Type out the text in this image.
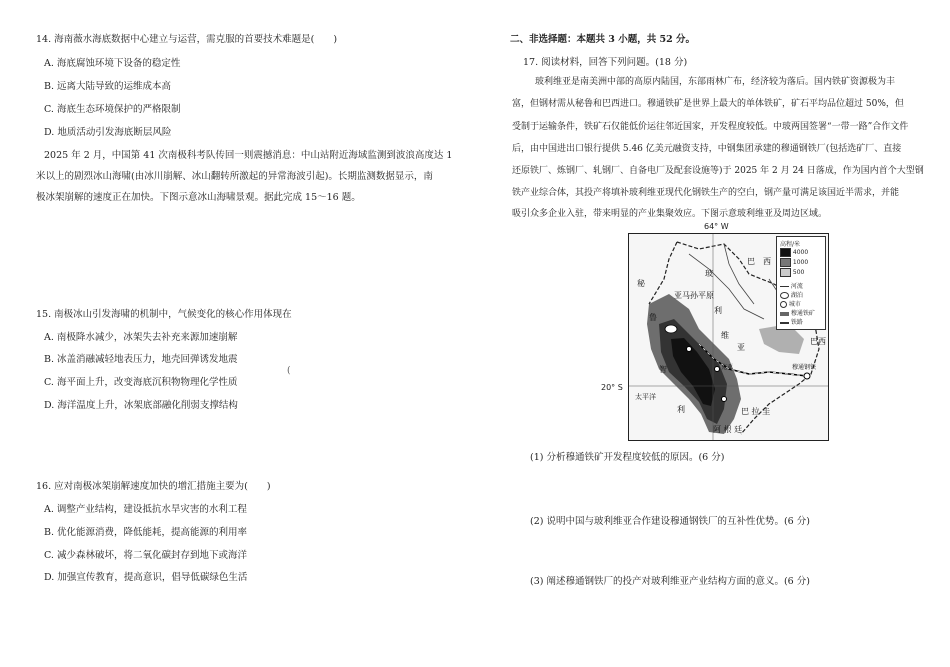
14. 海南薇水海底数据中心建立与运营，需克服的首要技术难题是(　　)
A. 海底腐蚀环境下设备的稳定性
B. 远离大陆导致的运维成本高
C. 海底生态环境保护的严格限制
D. 地质活动引发海底断层风险
2025 年 2 月，中国第 41 次南极科考队传回一则震撼消息：中山站附近海域监测到波浪高度达 1
米以上的剧烈冰山海啸(由冰川崩解、冰山翻转所激起的异常海波引起)。长期监测数据显示，南
极冰架崩解的速度正在加快。下图示意冰山海啸景观。据此完成 15～16 题。
15. 南极冰山引发海啸的机制中，气候变化的核心作用体现在
A. 南极降水减少，冰架失去补充来源加速崩解
B. 冰盖消融减轻地表压力，地壳回弹诱发地震
C. 海平面上升，改变海底沉积物物理化学性质
D. 海洋温度上升，冰架底部融化削弱支撑结构
(
16. 应对南极冰架崩解速度加快的增汇措施主要为(　　)
A. 调整产业结构，建设抵抗水旱灾害的水利工程
B. 优化能源消费，降低能耗，提高能源的利用率
C. 减少森林破坏，将二氧化碳封存到地下或海洋
D. 加强宣传教育，提高意识，倡导低碳绿色生活
二、非选择题：本题共 3 小题，共 52 分。
17. 阅读材料，回答下列问题。(18 分)
玻利维亚是南美洲中部的高原内陆国，东部雨林广布，经济较为落后。国内铁矿资源极为丰
富，但钢材需从秘鲁和巴西进口。穆通铁矿是世界上最大的单体铁矿，矿石平均品位超过 50%，但
受制于运输条件，铁矿石仅能低价运往邻近国家，开发程度较低。中玻两国签署“一带一路”合作文件
后，由中国进出口银行提供 5.46 亿美元融资支持，中钢集团承建的穆通钢铁厂(包括选矿厂、直接
还原铁厂、炼钢厂、轧钢厂、自备电厂及配套设施等)于 2025 年 2 月 24 日落成，作为国内首个大型钢
铁产业综合体，其投产将填补玻利维亚现代化钢铁生产的空白，钢产量可满足该国近半需求，并能
吸引众多企业入驻，带来明显的产业集聚效应。下图示意玻利维亚及周边区域。
64° W
20° S
玻
利
维
亚
秘
鲁
巴　西
巴西
亚马孙平原
智
利
太平洋
巴 拉 圭
阿 根 廷
穆通钢铁
克亚
高程/米
4000
1000
500
河流
湖泊
城市
穆通铁矿
铁路
(1) 分析穆通铁矿开发程度较低的原因。(6 分)
(2) 说明中国与玻利维亚合作建设穆通钢铁厂的互补性优势。(6 分)
(3) 阐述穆通钢铁厂的投产对玻利维亚产业结构方面的意义。(6 分)
